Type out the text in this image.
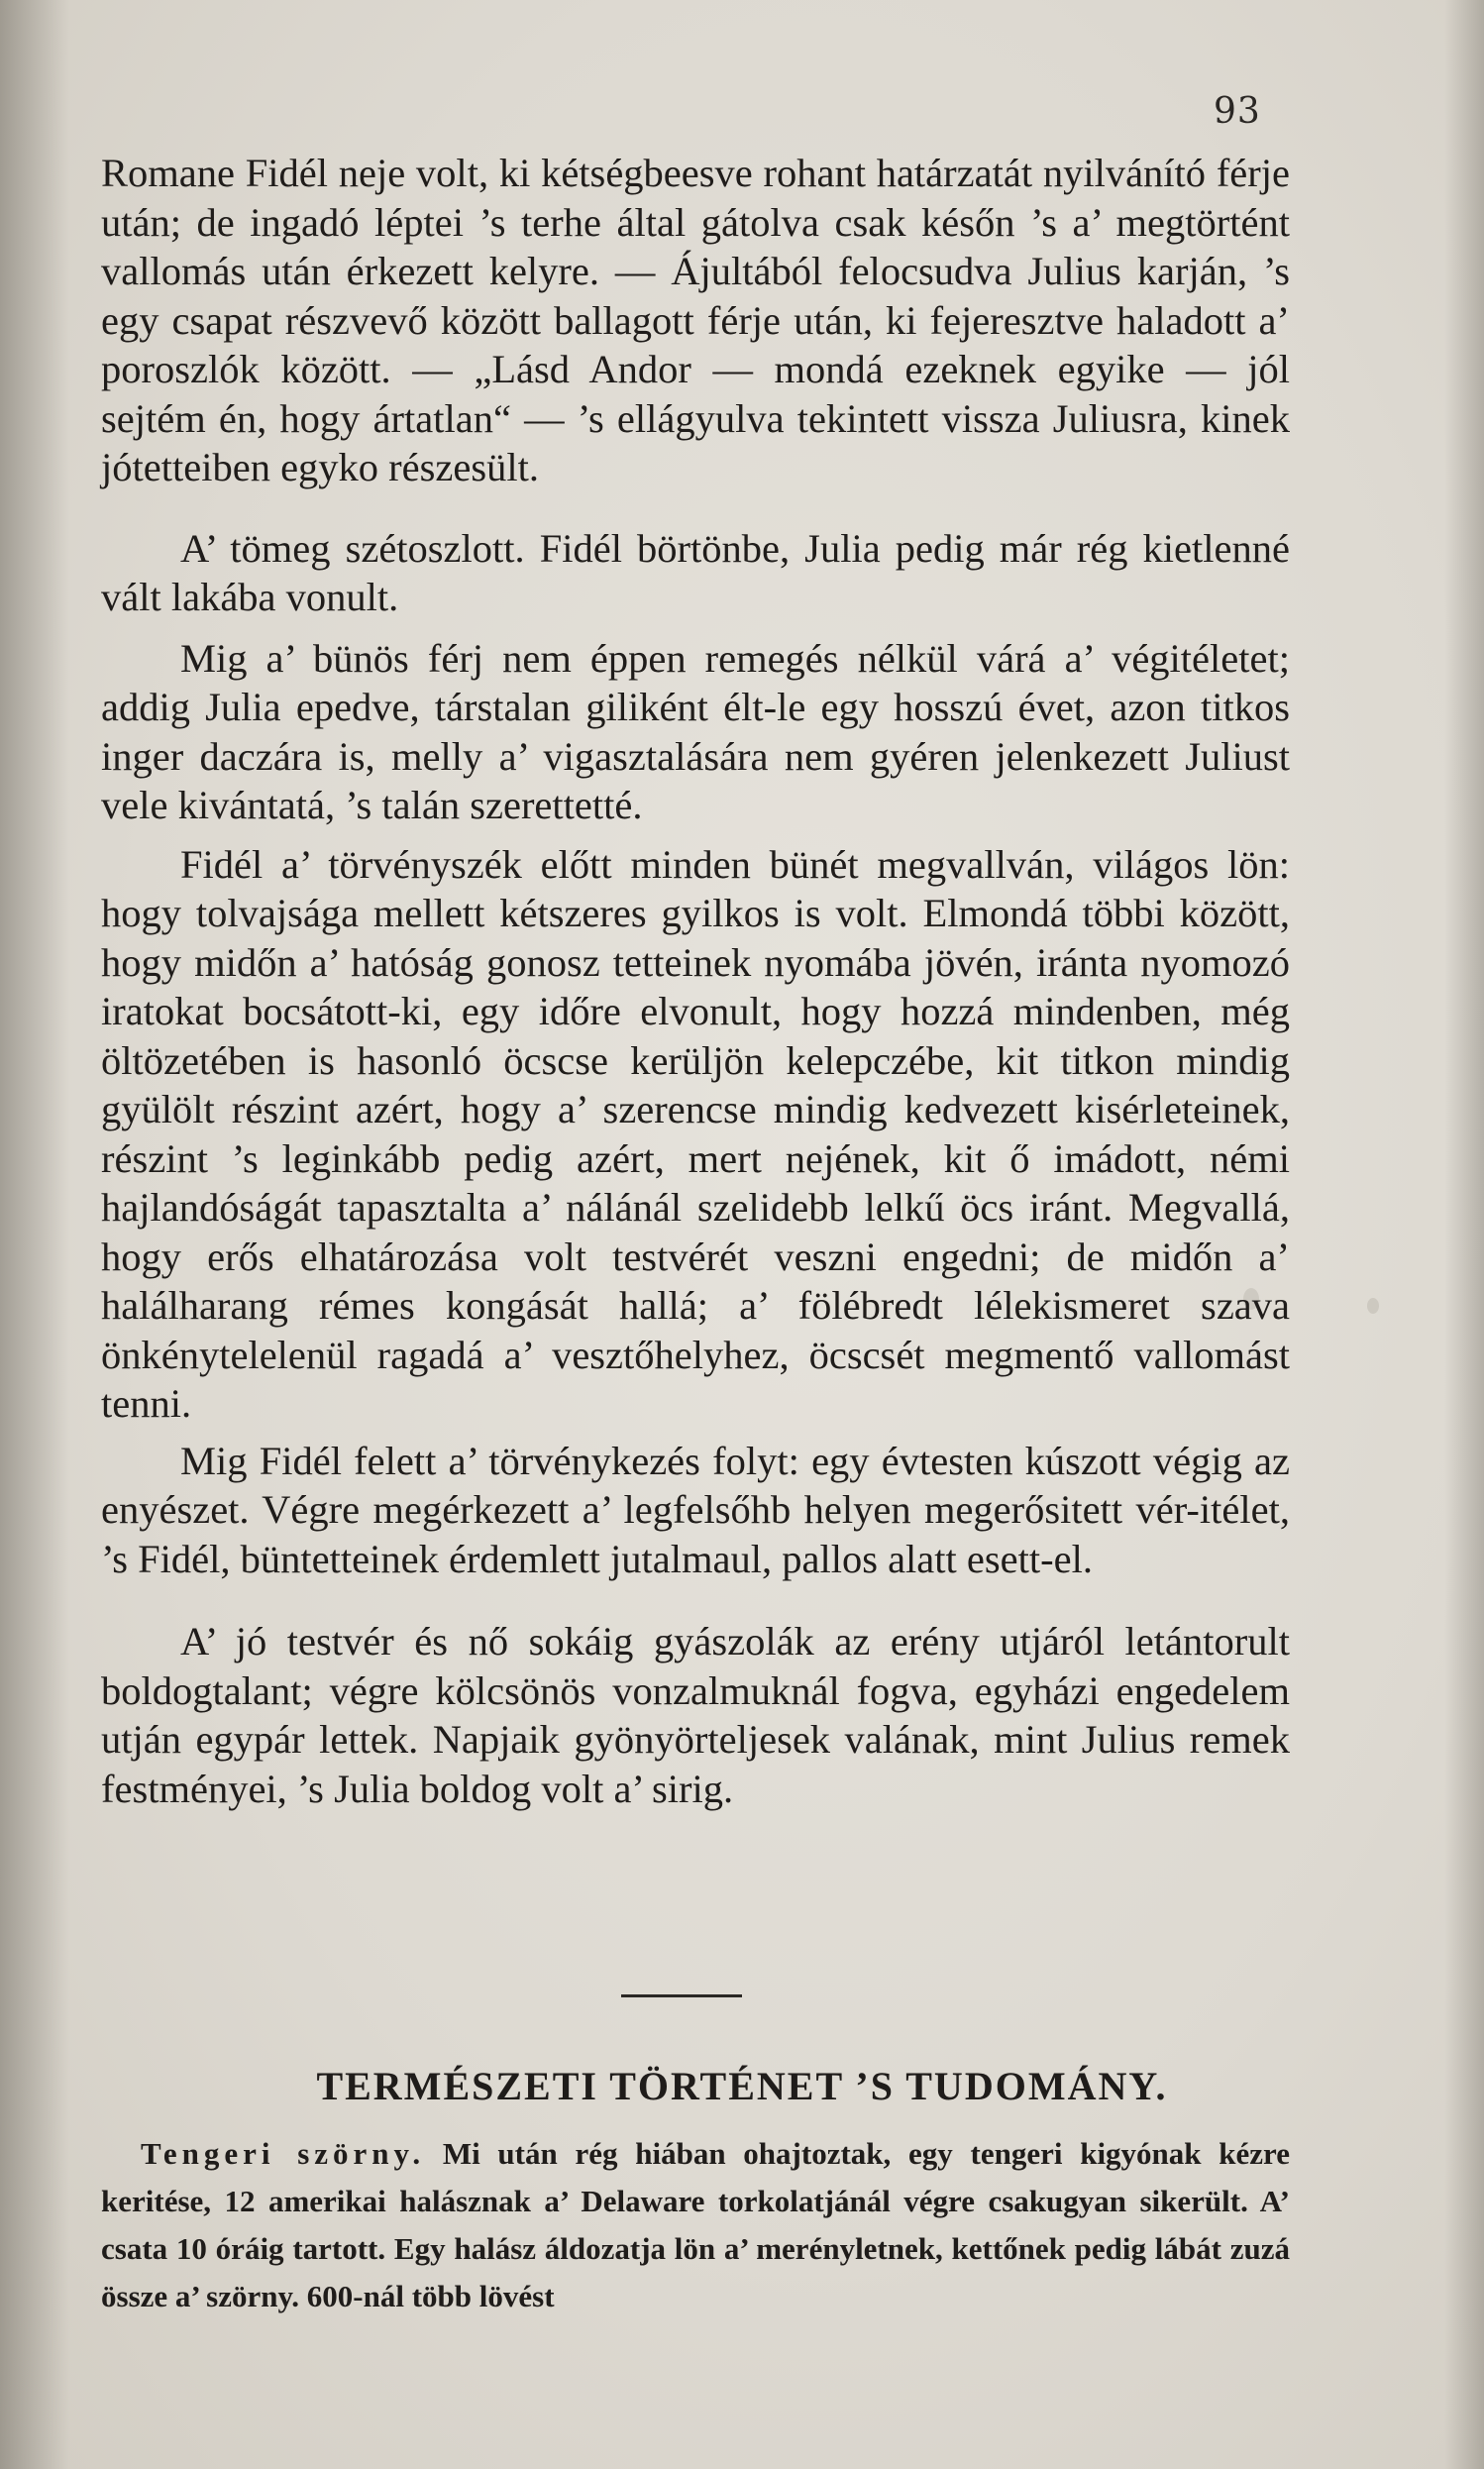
93

Romane Fidél neje volt, ki kétségbeesve rohant határzatát nyilvánító férje után; de ingadó léptei ’s terhe által gátolva csak későn ’s a’ megtörtént vallomás után érkezett kelyre. — Ájultából felocsudva Julius karján, ’s egy csapat részvevő között ballagott férje után, ki fejeresztve haladott a’ poroszlók között. — „Lásd Andor — mondá ezeknek egyike — jól sejtém én, hogy ártatlan“ — ’s ellágyulva tekintett vissza Juliusra, kinek jótetteiben egyko részesült.

A’ tömeg szétoszlott. Fidél börtönbe, Julia pedig már rég kietlenné vált lakába vonult.

Mig a’ bünös férj nem éppen remegés nélkül várá a’ végitéletet; addig Julia epedve, társtalan giliként élt-le egy hosszú évet, azon titkos inger daczára is, melly a’ vigasztalására nem gyéren jelenkezett Juliust vele kivántatá, ’s talán szerettetté.

Fidél a’ törvényszék előtt minden bünét megvallván, világos lön: hogy tolvajsága mellett kétszeres gyilkos is volt. Elmondá többi között, hogy midőn a’ hatóság gonosz tetteinek nyomába jövén, iránta nyomozó iratokat bocsátott-ki, egy időre elvonult, hogy hozzá mindenben, még öltözetében is hasonló öcscse kerüljön kelepczébe, kit titkon mindig gyülölt részint azért, hogy a’ szerencse mindig kedvezett kisérleteinek, részint ’s leginkább pedig azért, mert nejének, kit ő imádott, némi hajlandóságát tapasztalta a’ nálánál szelidebb lelkű öcs iránt. Megvallá, hogy erős elhatározása volt testvérét veszni engedni; de midőn a’ halálharang rémes kongását hallá; a’ fölébredt lélekismeret szava önkénytelelenül ragadá a’ vesztőhelyhez, öcscsét megmentő vallomást tenni.

Mig Fidél felett a’ törvénykezés folyt: egy évtesten kúszott végig az enyészet. Végre megérkezett a’ legfelsőhb helyen megerősitett vér-itélet, ’s Fidél, büntetteinek érdemlett jutalmaul, pallos alatt esett-el.

A’ jó testvér és nő sokáig gyászolák az erény utjáról letántorult boldogtalant; végre kölcsönös vonzalmuknál fogva, egyházi engedelem utján egypár lettek. Napjaik gyönyörteljesek valának, mint Julius remek festményei, ’s Julia boldog volt a’ sirig.

TERMÉSZETI TÖRTÉNET ’S TUDOMÁNY.

Tengeri szörny. Mi után rég hiában ohajtoztak, egy tengeri kigyónak kézre keritése, 12 amerikai halásznak a’ Delaware torkolatjánál végre csakugyan sikerült. A’ csata 10 óráig tartott. Egy halász áldozatja lön a’ merényletnek, kettőnek pedig lábát zuzá össze a’ szörny. 600-nál több lövést
